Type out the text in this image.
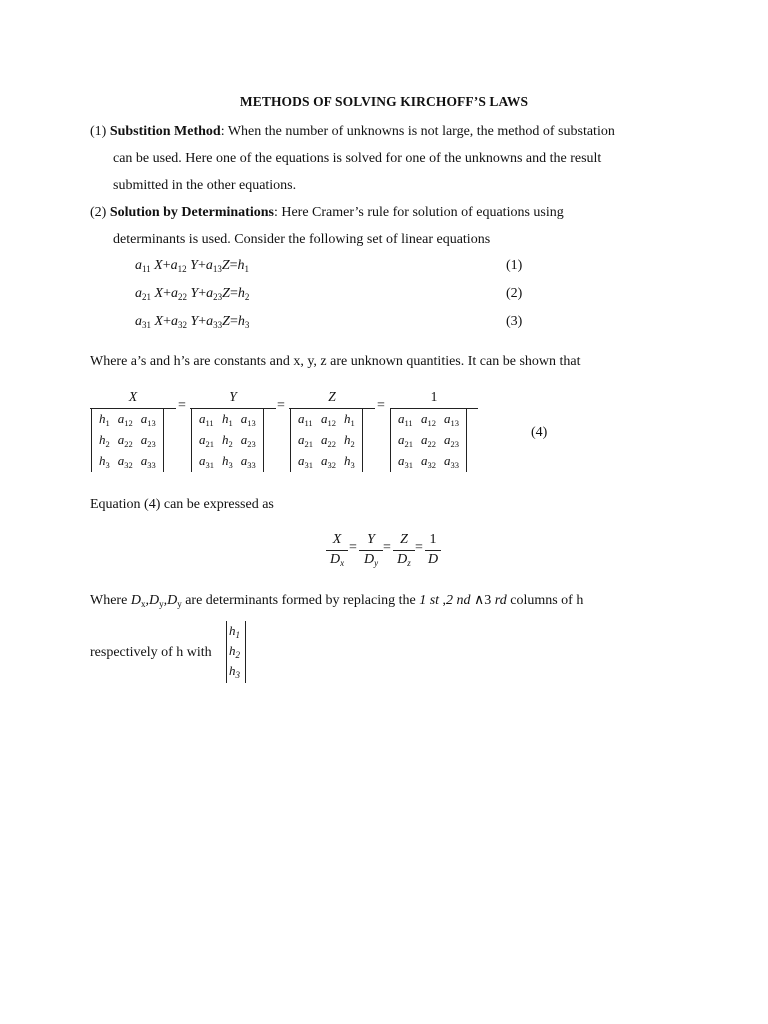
METHODS OF SOLVING KIRCHOFF’S LAWS
(1) Substition Method: When the number of unknowns is not large, the method of substation
can be used. Here one of the equations is solved for one of the unknowns and the result
submitted in the other equations.
(2) Solution by Determinations: Here Cramer’s rule for solution of equations using
determinants is used. Consider the following set of linear equations
$a_{11}$ $X+a_{12}$ $Y+a_{13}Z=h_1$	(1)
$a_{21}$ $X+a_{22}$ $Y+a_{23}Z=h_2$	(2)
$a_{31}$ $X+a_{32}$ $Y+a_{33}Z=h_3$	(3)
Where a’s and h’s are constants and x, y, z are unknown quantities. It can be shown that
X	Y	Z	1
=	=	=
$h_1$	$a_{12}$	$a_{13}$
$h_2$	$a_{22}$	$a_{23}$
$h_3$	$a_{32}$	$a_{33}$
$a_{11}$	$h_1$	$a_{13}$
$a_{21}$	$h_2$	$a_{23}$
$a_{31}$	$h_3$	$a_{33}$
$a_{11}$	$a_{12}$	$h_1$
$a_{21}$	$a_{22}$	$h_2$
$a_{31}$	$a_{32}$	$h_3$
$a_{11}$	$a_{12}$	$a_{13}$
$a_{21}$	$a_{22}$	$a_{23}$
$a_{31}$	$a_{32}$	$a_{33}$
(4)
Equation (4) can be expressed as
X
$D_x$
=
Y
$D_y$
=
Z
$D_z$
=
1
D
Where $D_x,D_y,D_y$ are determinants formed by replacing the 1 st ,2 nd ∧3 rd columns of h
respectively of h with
$h_1$
$h_2$
$h_3$
